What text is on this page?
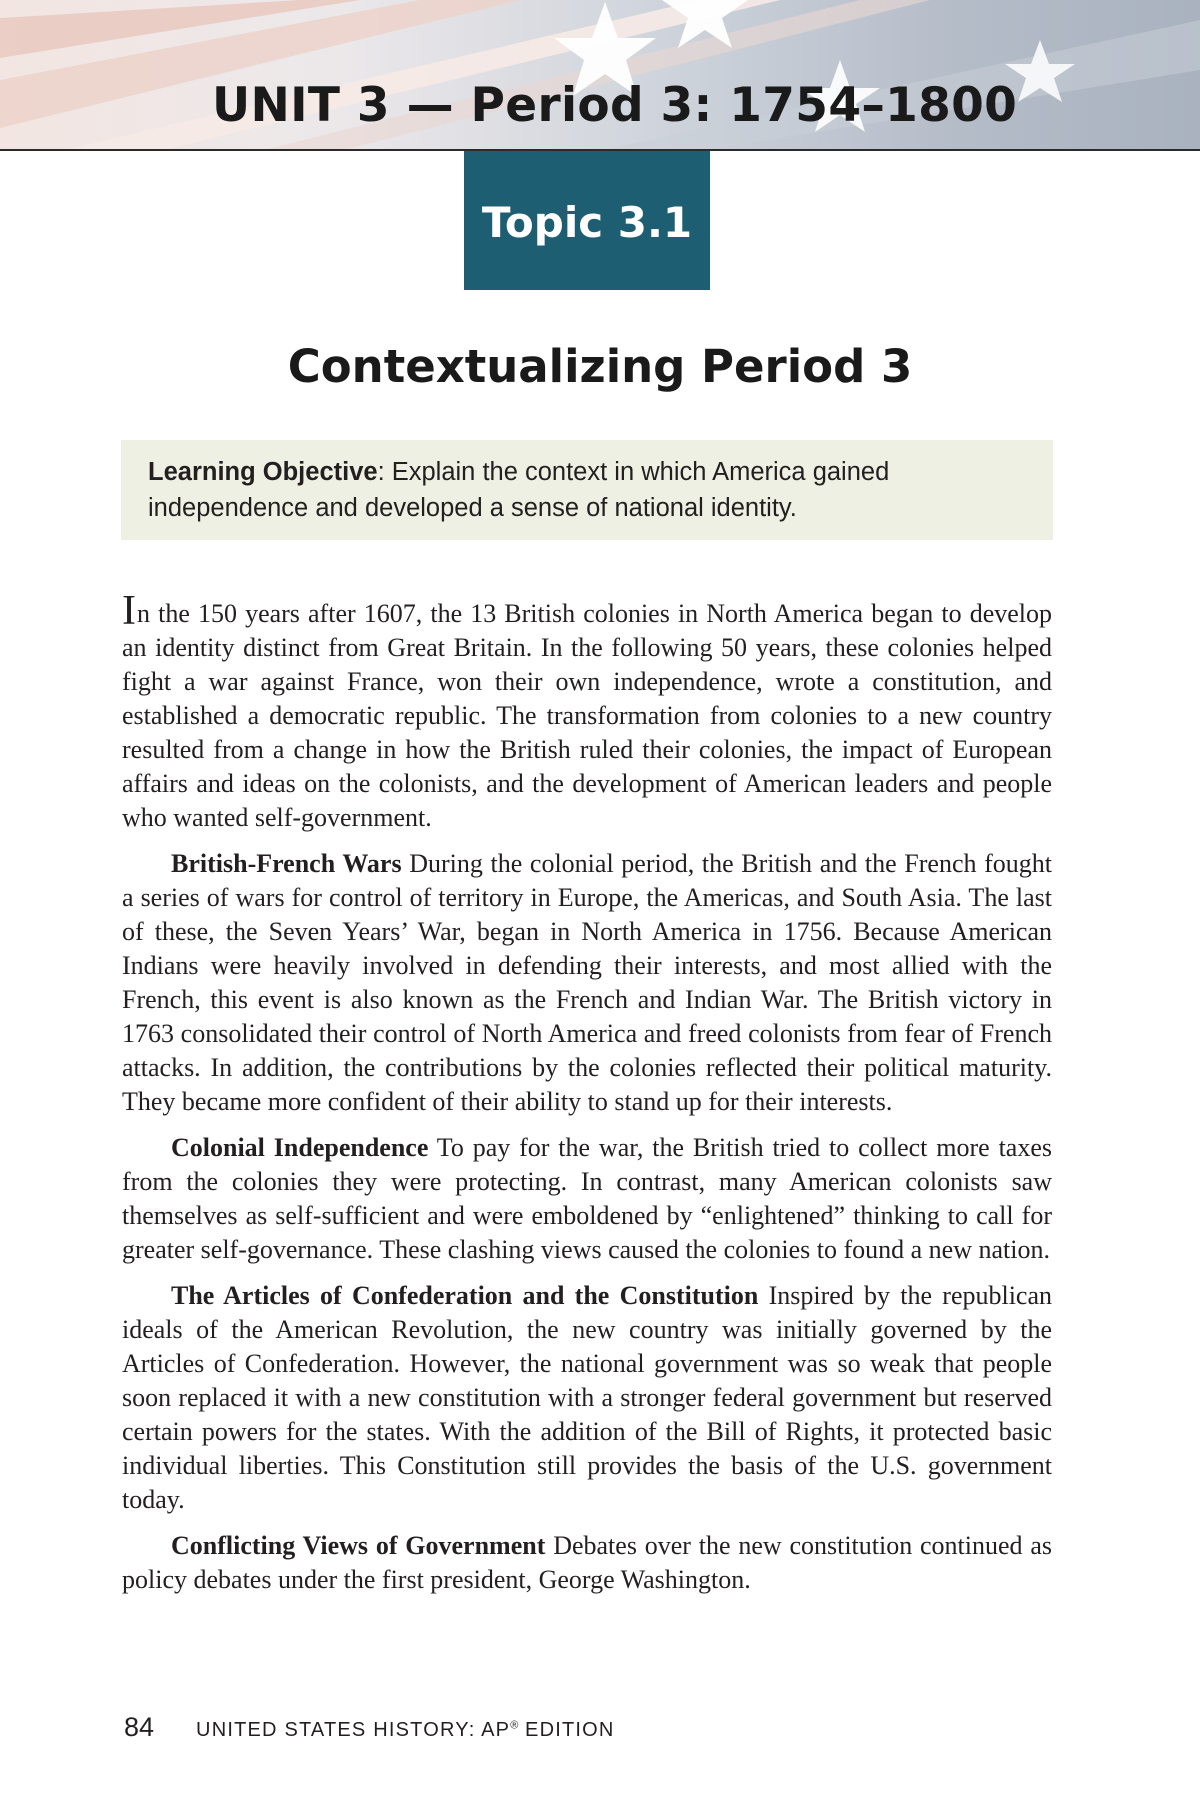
UNIT 3 — Period 3: 1754–1800
Topic 3.1
Contextualizing Period 3
Learning Objective: Explain the context in which America gained independence and developed a sense of national identity.

In the 150 years after 1607, the 13 British colonies in North America began to develop an identity distinct from Great Britain. In the following 50 years, these colonies helped fight a war against France, won their own independence, wrote a constitution, and established a democratic republic. The transformation from colonies to a new country resulted from a change in how the British ruled their colonies, the impact of European affairs and ideas on the colonists, and the development of American leaders and people who wanted self-government.

British-French Wars During the colonial period, the British and the French fought a series of wars for control of territory in Europe, the Americas, and South Asia. The last of these, the Seven Years’ War, began in North America in 1756. Because American Indians were heavily involved in defending their interests, and most allied with the French, this event is also known as the French and Indian War. The British victory in 1763 consolidated their control of North America and freed colonists from fear of French attacks. In addition, the contributions by the colonies reflected their political maturity. They became more confident of their ability to stand up for their interests.

Colonial Independence To pay for the war, the British tried to collect more taxes from the colonies they were protecting. In contrast, many American colonists saw themselves as self-sufficient and were emboldened by “enlightened” thinking to call for greater self-governance. These clashing views caused the colonies to found a new nation.

The Articles of Confederation and the Constitution Inspired by the republican ideals of the American Revolution, the new country was initially governed by the Articles of Confederation. However, the national government was so weak that people soon replaced it with a new constitution with a stronger federal government but reserved certain powers for the states. With the addition of the Bill of Rights, it protected basic individual liberties. This Constitution still provides the basis of the U.S. government today.

Conflicting Views of Government Debates over the new constitution continued as policy debates under the first president, George Washington.

84 UNITED STATES HISTORY: AP® EDITION
